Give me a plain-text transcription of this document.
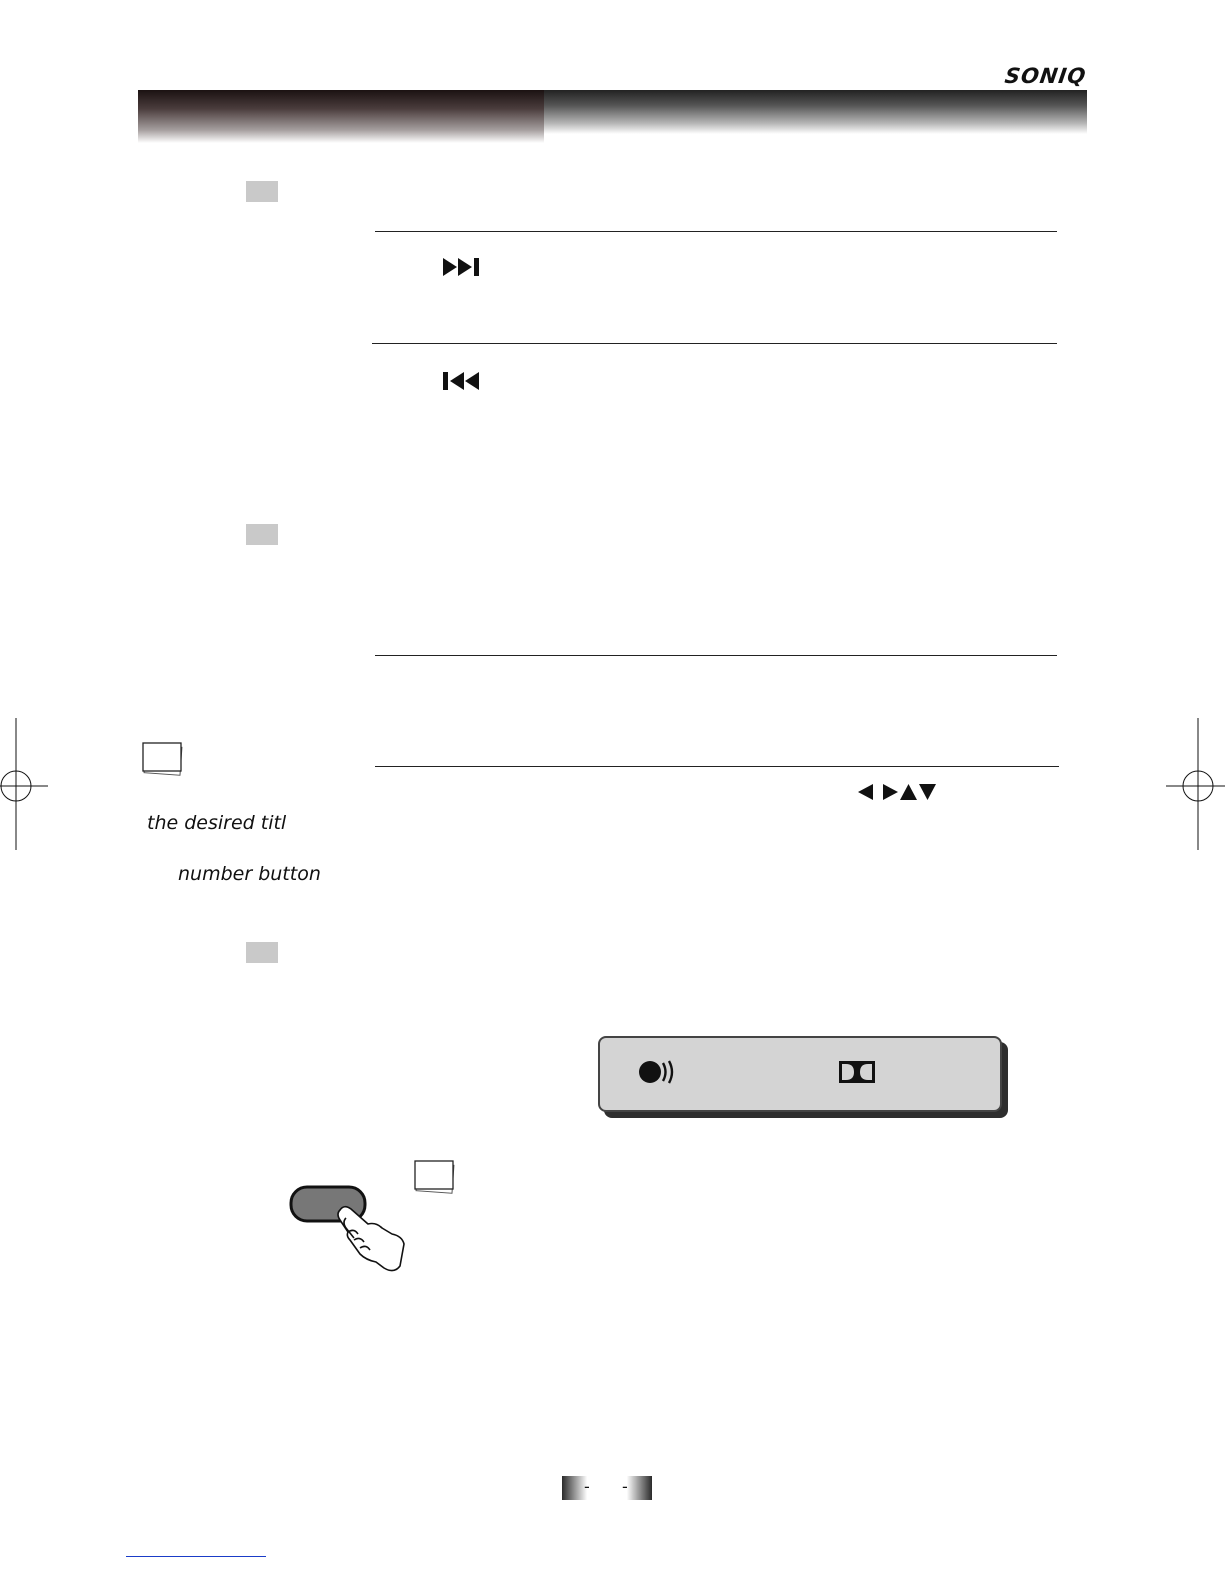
SONIQ
the desired titl
number button
- -
